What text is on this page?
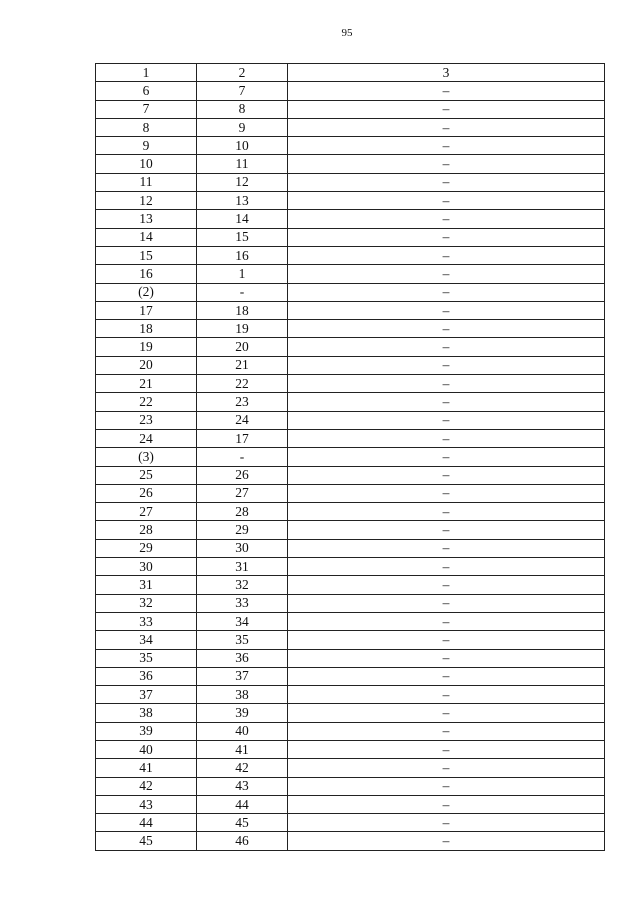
95
1	2	3
6	7	–
7	8	–
8	9	–
9	10	–
10	11	–
11	12	–
12	13	–
13	14	–
14	15	–
15	16	–
16	1	–
(2)	-	–
17	18	–
18	19	–
19	20	–
20	21	–
21	22	–
22	23	–
23	24	–
24	17	–
(3)	-	–
25	26	–
26	27	–
27	28	–
28	29	–
29	30	–
30	31	–
31	32	–
32	33	–
33	34	–
34	35	–
35	36	–
36	37	–
37	38	–
38	39	–
39	40	–
40	41	–
41	42	–
42	43	–
43	44	–
44	45	–
45	46	–
